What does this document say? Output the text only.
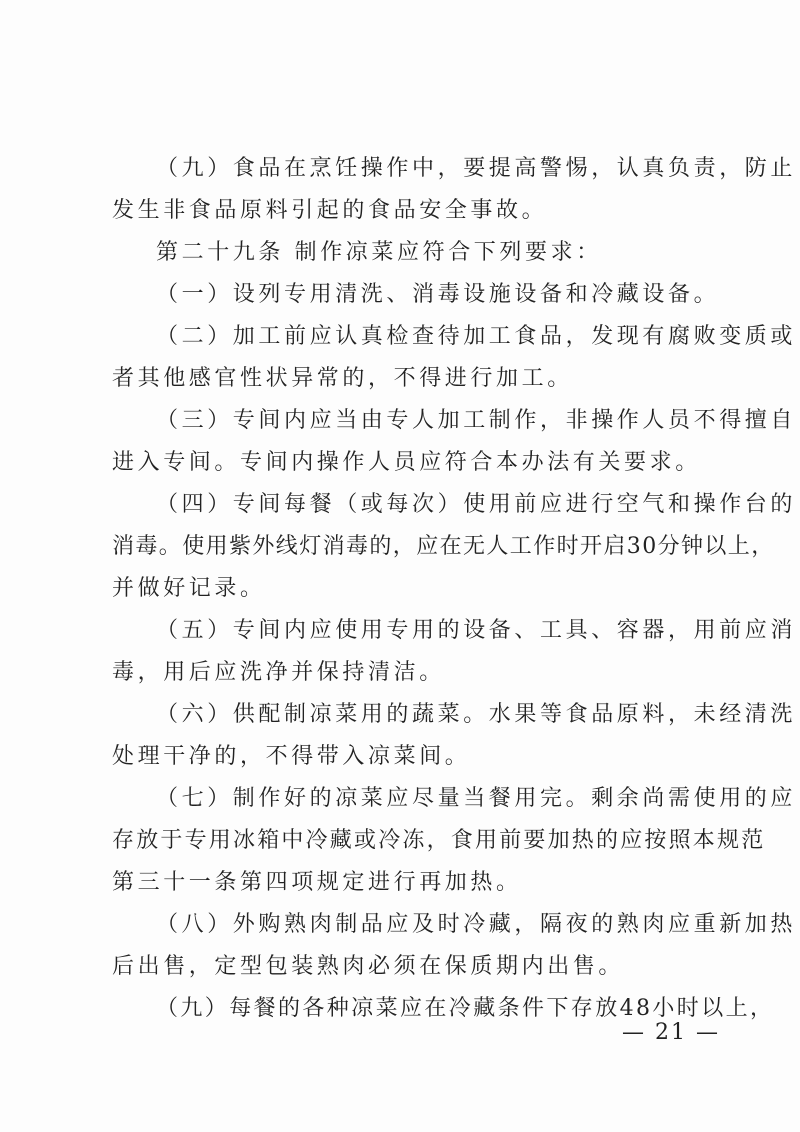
（九）食品在烹饪操作中，要提高警惕，认真负责，防止
发生非食品原料引起的食品安全事故。
第二十九条 制作凉菜应符合下列要求：
（一）设列专用清洗、消毒设施设备和冷藏设备。
（二）加工前应认真检查待加工食品，发现有腐败变质或
者其他感官性状异常的，不得进行加工。
（三）专间内应当由专人加工制作，非操作人员不得擅自
进入专间。专间内操作人员应符合本办法有关要求。
（四）专间每餐（或每次）使用前应进行空气和操作台的
消毒。使用紫外线灯消毒的，应在无人工作时开启30分钟以上，
并做好记录。
（五）专间内应使用专用的设备、工具、容器，用前应消
毒，用后应洗净并保持清洁。
（六）供配制凉菜用的蔬菜。水果等食品原料，未经清洗
处理干净的，不得带入凉菜间。
（七）制作好的凉菜应尽量当餐用完。剩余尚需使用的应
存放于专用冰箱中冷藏或冷冻，食用前要加热的应按照本规范
第三十一条第四项规定进行再加热。
（八）外购熟肉制品应及时冷藏，隔夜的熟肉应重新加热
后出售，定型包装熟肉必须在保质期内出售。
（九）每餐的各种凉菜应在冷藏条件下存放48小时以上，
— 21 —
